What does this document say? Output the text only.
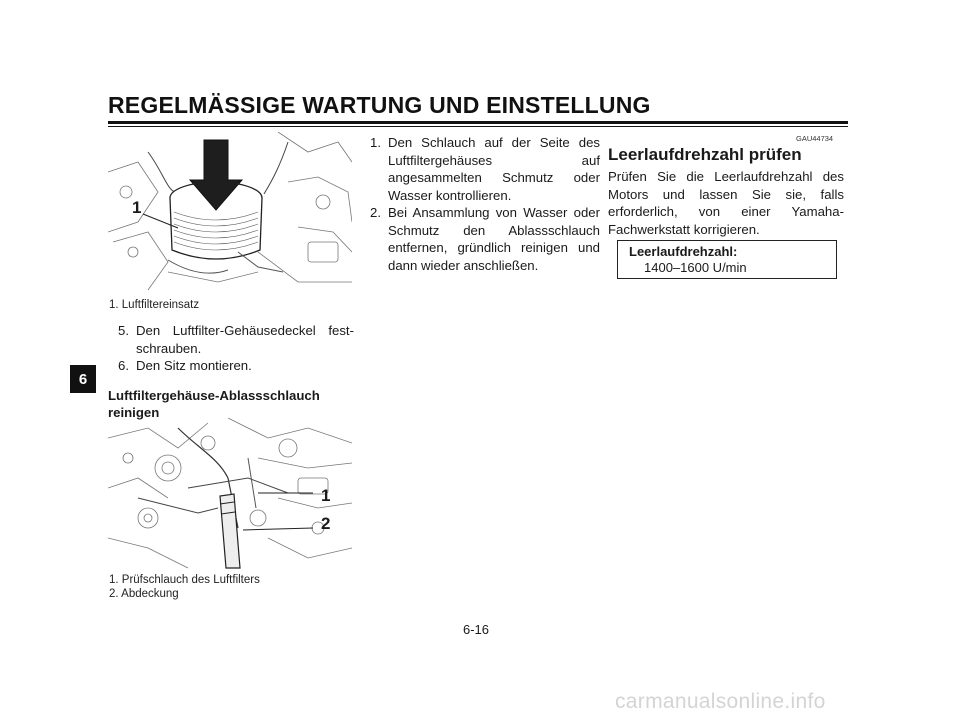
REGELMÄSSIGE WARTUNG UND EINSTELLUNG
6
1
1. Luftfiltereinsatz
5. Den Luftfilter-Gehäusedeckel festschrauben.
6. Den Sitz montieren.
Luftfiltergehäuse-Ablassschlauch reinigen
1
2
1. Prüfschlauch des Luftfilters
2. Abdeckung
1. Den Schlauch auf der Seite des Luftfiltergehäuses auf angesammelten Schmutz oder Wasser kontrollieren.
2. Bei Ansammlung von Wasser oder Schmutz den Ablassschlauch entfernen, gründlich reinigen und dann wieder anschließen.
GAU44734
Leerlaufdrehzahl prüfen
Prüfen Sie die Leerlaufdrehzahl des Motors und lassen Sie sie, falls erforderlich, von einer Yamaha-Fachwerkstatt korrigieren.
Leerlaufdrehzahl:
1400–1600 U/min
6-16
carmanualsonline.info
